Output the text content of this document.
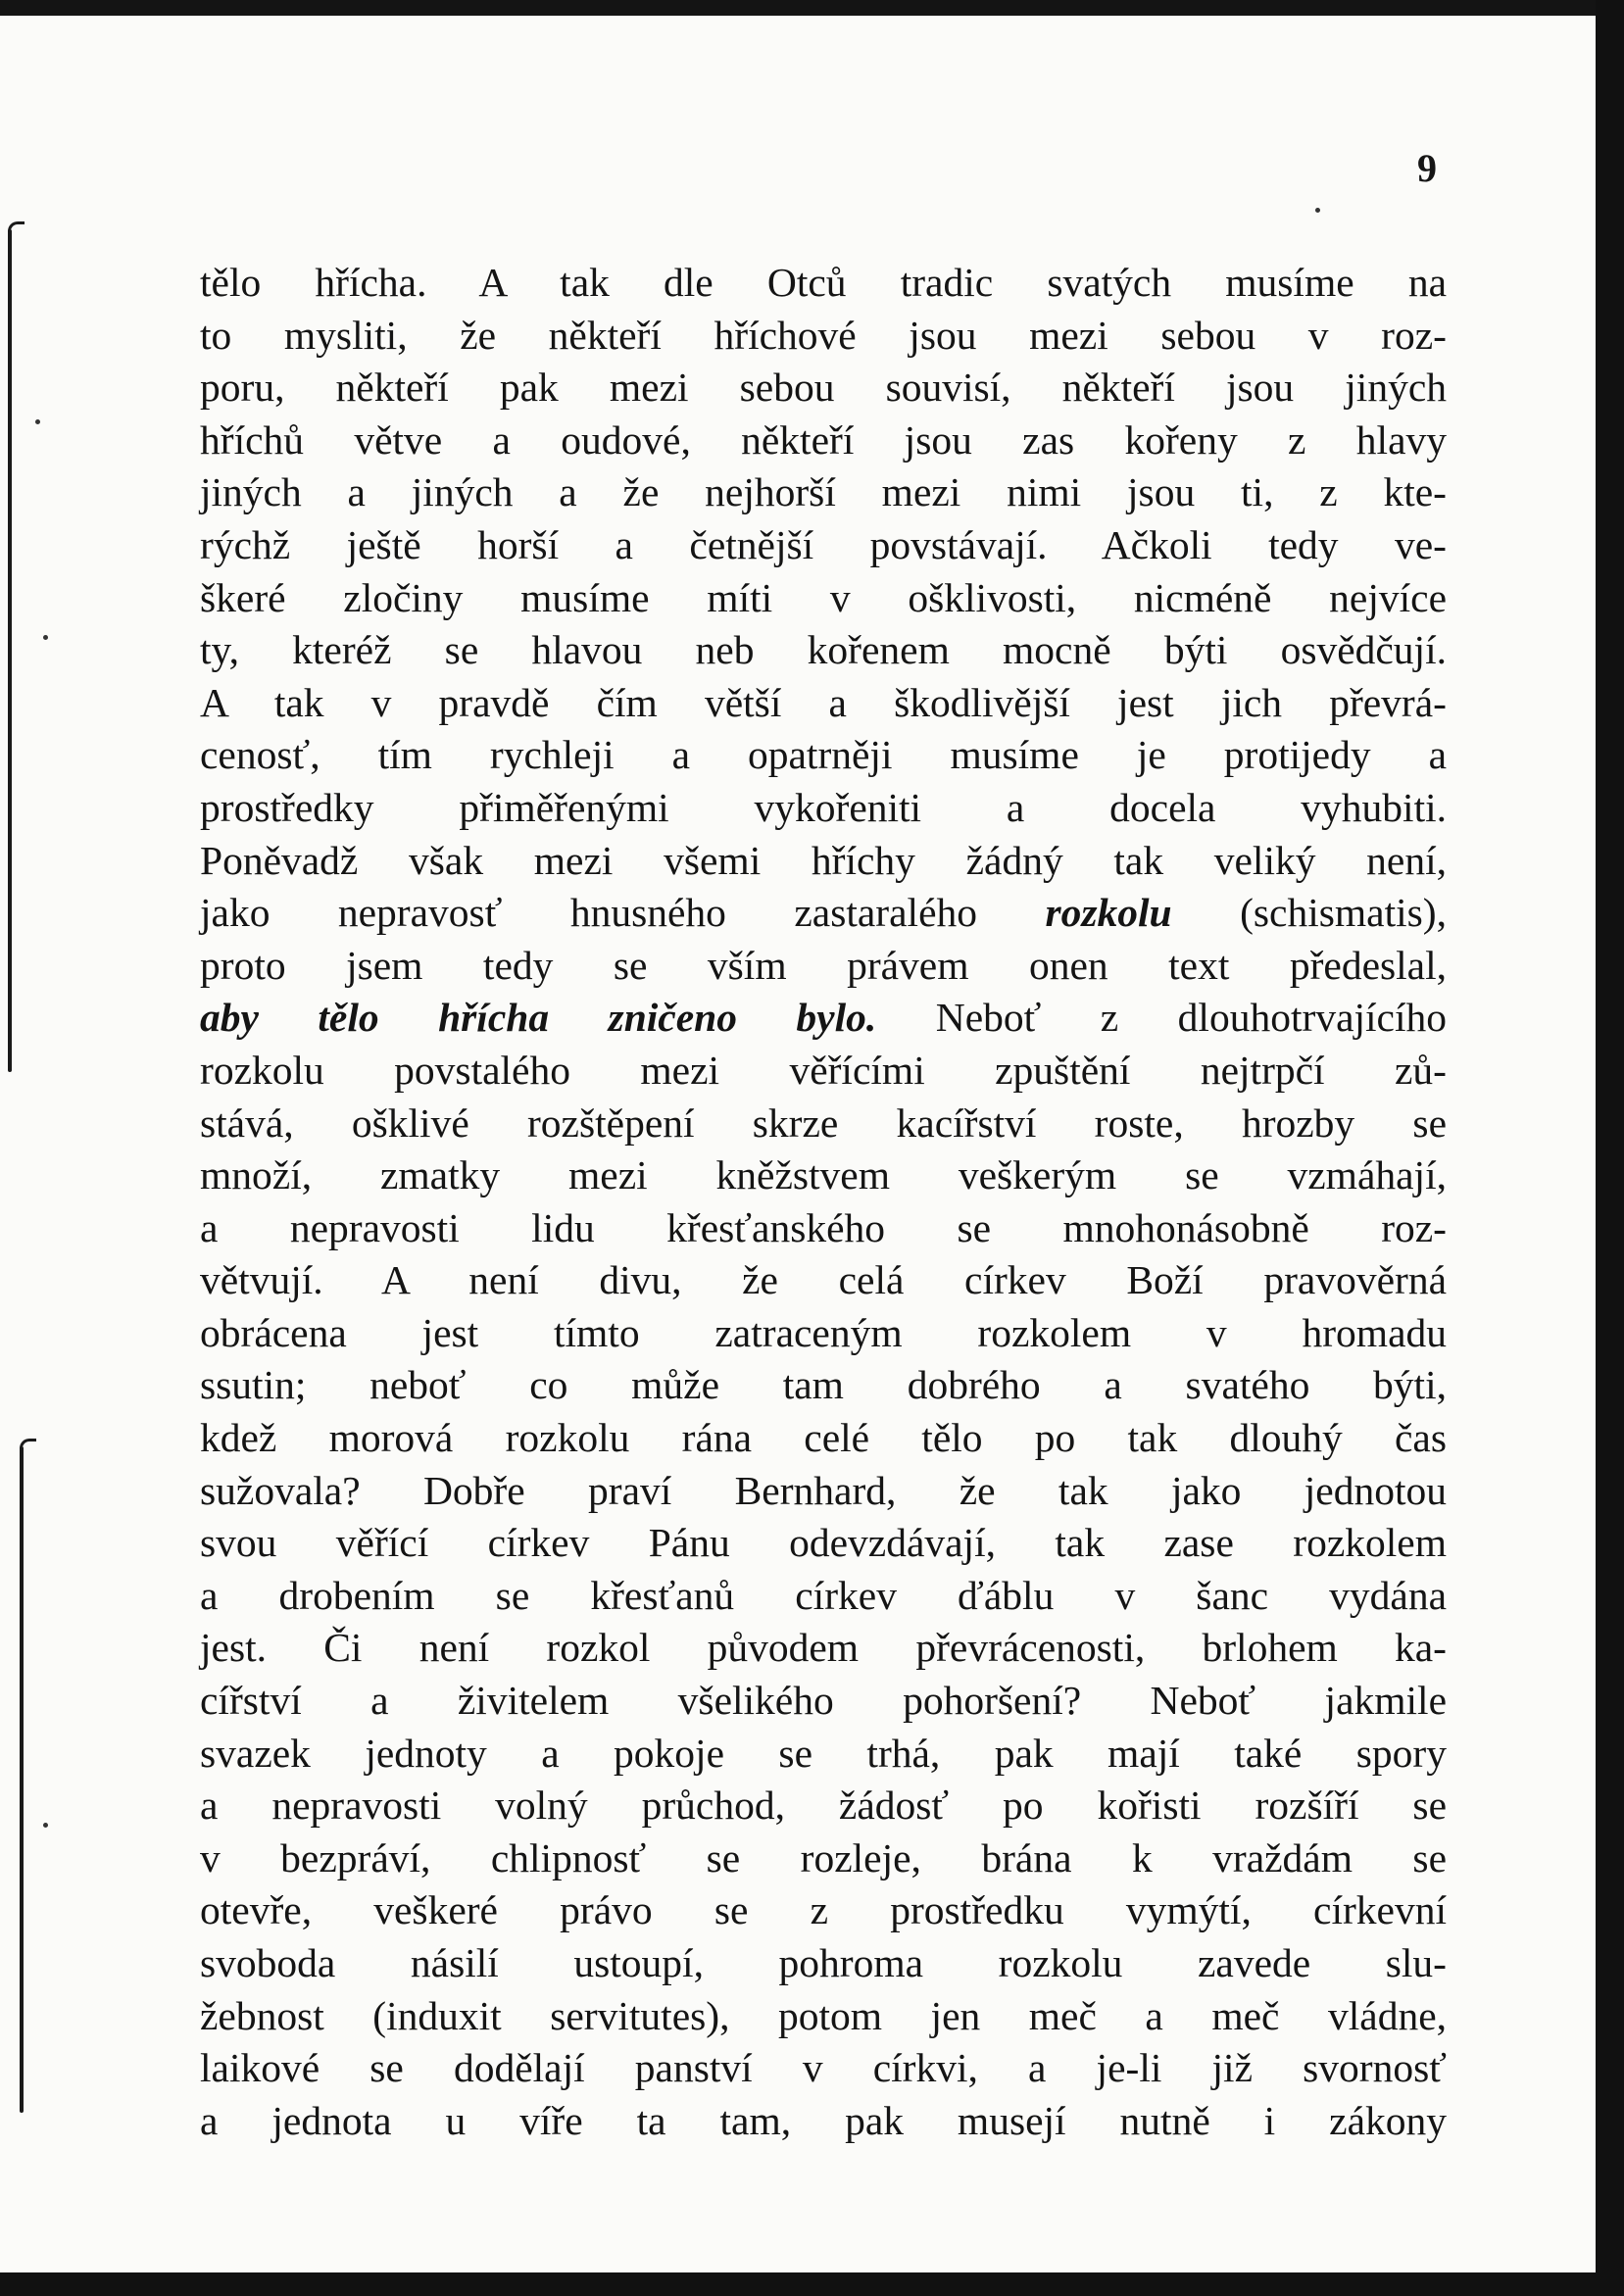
9
tělo hřícha. A tak dle Otců tradic svatých musíme na
to mysliti, že někteří hříchové jsou mezi sebou v roz-
poru, někteří pak mezi sebou souvisí, někteří jsou jiných
hříchů větve a oudové, někteří jsou zas kořeny z hlavy
jiných a jiných a že nejhorší mezi nimi jsou ti, z kte-
rýchž ještě horší a četnější povstávají. Ačkoli tedy ve-
škeré zločiny musíme míti v ošklivosti, nicméně nejvíce
ty, kteréž se hlavou neb kořenem mocně býti osvědčují.
A tak v pravdě čím větší a škodlivější jest jich převrá-
cenosť, tím rychleji a opatrněji musíme je protijedy a
prostředky přiměřenými vykořeniti a docela vyhubiti.
Poněvadž však mezi všemi hříchy žádný tak veliký není,
jako nepravosť hnusného zastaralého rozkolu (schismatis),
proto jsem tedy se vším právem onen text předeslal,
aby tělo hřícha zničeno bylo. Neboť z dlouhotrvajícího
rozkolu povstalého mezi věřícími zpuštění nejtrpčí zů-
stává, ošklivé rozštěpení skrze kacířství roste, hrozby se
množí, zmatky mezi kněžstvem veškerým se vzmáhají,
a nepravosti lidu křesťanského se mnohonásobně roz-
větvují. A není divu, že celá církev Boží pravověrná
obrácena jest tímto zatraceným rozkolem v hromadu
ssutin; neboť co může tam dobrého a svatého býti,
kdež morová rozkolu rána celé tělo po tak dlouhý čas
sužovala? Dobře praví Bernhard, že tak jako jednotou
svou věřící církev Pánu odevzdávají, tak zase rozkolem
a drobením se křesťanů církev ďáblu v šanc vydána
jest. Či není rozkol původem převrácenosti, brlohem ka-
cířství a živitelem všelikého pohoršení? Neboť jakmile
svazek jednoty a pokoje se trhá, pak mají také spory
a nepravosti volný průchod, žádosť po kořisti rozšíří se
v bezpráví, chlipnosť se rozleje, brána k vraždám se
otevře, veškeré právo se z prostředku vymýtí, církevní
svoboda násilí ustoupí, pohroma rozkolu zavede slu-
žebnost (induxit servitutes), potom jen meč a meč vládne,
laikové se dodělají panství v církvi, a je-li již svornosť
a jednota u víře ta tam, pak musejí nutně i zákony
